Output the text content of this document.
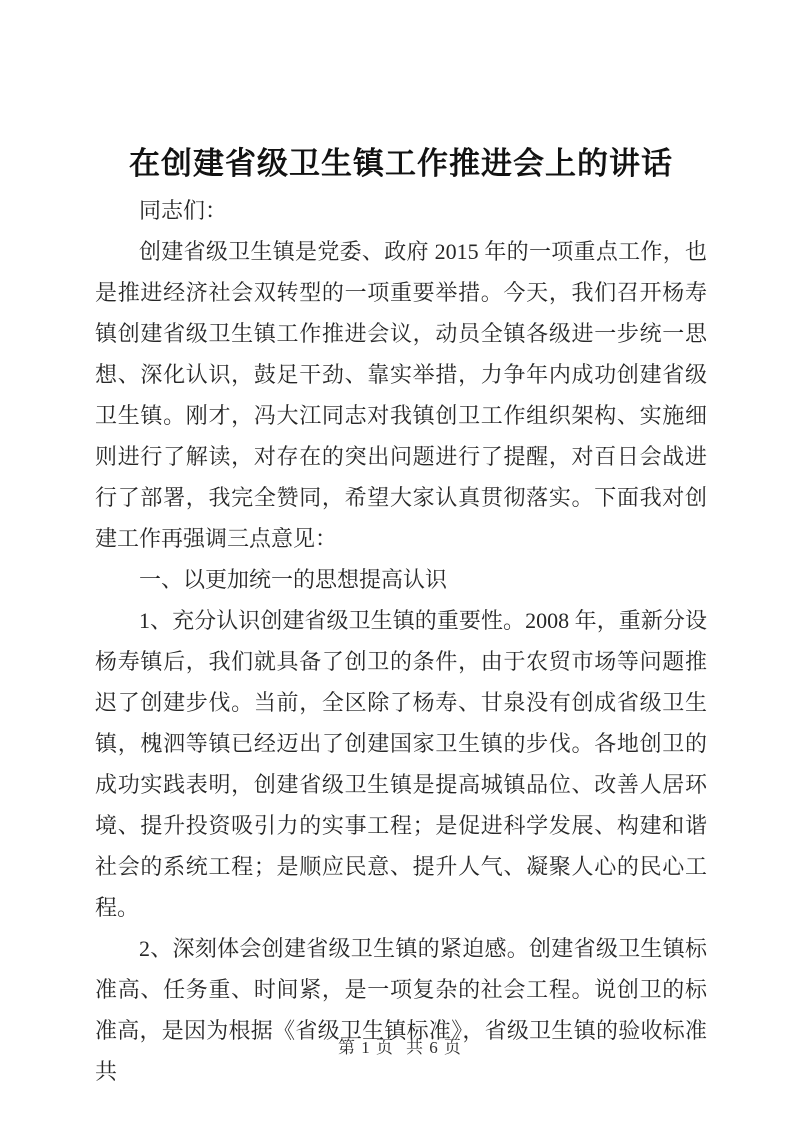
在创建省级卫生镇工作推进会上的讲话

同志们：

创建省级卫生镇是党委、政府 2015 年的一项重点工作，也是推进经济社会双转型的一项重要举措。今天，我们召开杨寿镇创建省级卫生镇工作推进会议，动员全镇各级进一步统一思想、深化认识，鼓足干劲、靠实举措，力争年内成功创建省级卫生镇。刚才，冯大江同志对我镇创卫工作组织架构、实施细则进行了解读，对存在的突出问题进行了提醒，对百日会战进行了部署，我完全赞同，希望大家认真贯彻落实。下面我对创建工作再强调三点意见：

一、以更加统一的思想提高认识

1、充分认识创建省级卫生镇的重要性。2008 年，重新分设杨寿镇后，我们就具备了创卫的条件，由于农贸市场等问题推迟了创建步伐。当前，全区除了杨寿、甘泉没有创成省级卫生镇，槐泗等镇已经迈出了创建国家卫生镇的步伐。各地创卫的成功实践表明，创建省级卫生镇是提高城镇品位、改善人居环境、提升投资吸引力的实事工程；是促进科学发展、构建和谐社会的系统工程；是顺应民意、提升人气、凝聚人心的民心工程。

2、深刻体会创建省级卫生镇的紧迫感。创建省级卫生镇标准高、任务重、时间紧，是一项复杂的社会工程。说创卫的标准高，是因为根据《省级卫生镇标准》，省级卫生镇的验收标准共

第 1 页 共 6 页
